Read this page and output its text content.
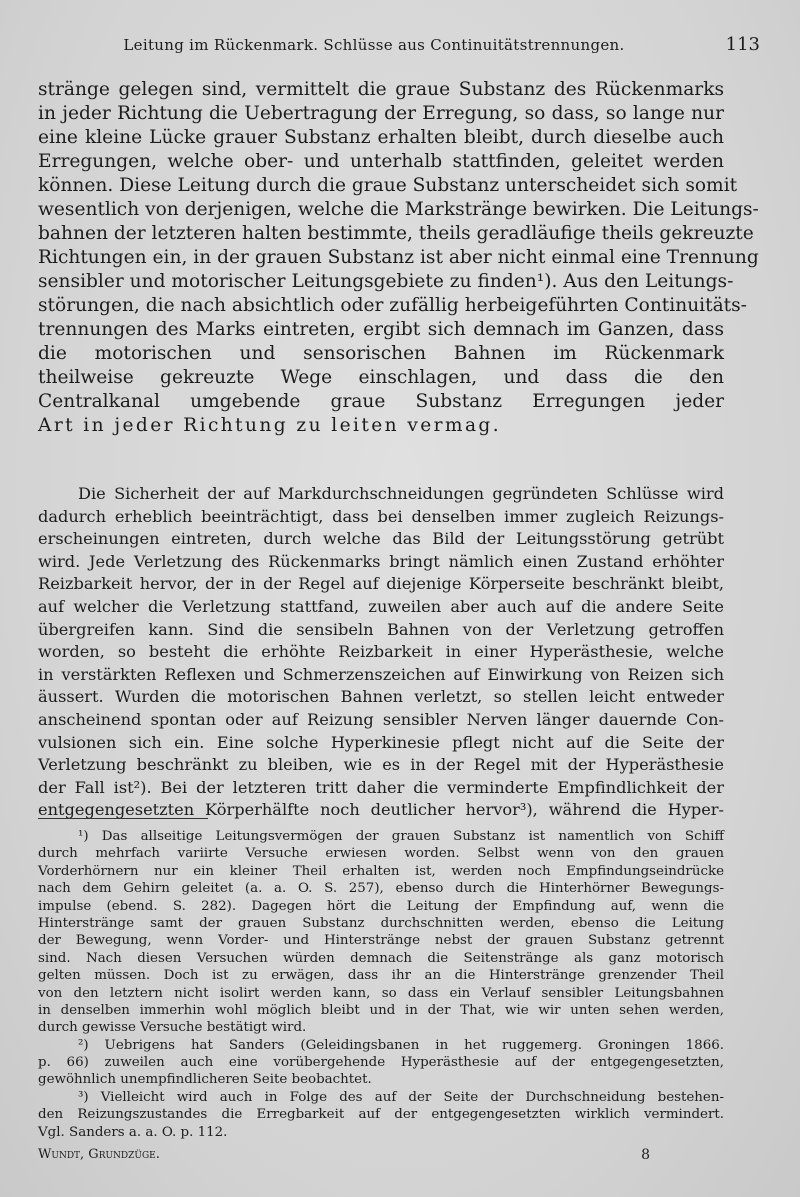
Leitung im Rückenmark. Schlüsse aus Continuitätstrennungen.	113
stränge gelegen sind, vermittelt die graue Substanz des Rückenmarks
in jeder Richtung die Uebertragung der Erregung, so dass, so lange nur
eine kleine Lücke grauer Substanz erhalten bleibt, durch dieselbe auch
Erregungen, welche ober- und unterhalb stattfinden, geleitet werden
können. Diese Leitung durch die graue Substanz unterscheidet sich somit
wesentlich von derjenigen, welche die Markstränge bewirken. Die Leitungs-
bahnen der letzteren halten bestimmte, theils geradläufige theils gekreuzte
Richtungen ein, in der grauen Substanz ist aber nicht einmal eine Trennung
sensibler und motorischer Leitungsgebiete zu finden¹). Aus den Leitungs-
störungen, die nach absichtlich oder zufällig herbeigeführten Continuitäts-
trennungen des Marks eintreten, ergibt sich demnach im Ganzen, dass
die motorischen und sensorischen Bahnen im Rückenmark
theilweise gekreuzte Wege einschlagen, und dass die den
Centralkanal umgebende graue Substanz Erregungen jeder
Art in jeder Richtung zu leiten vermag.
Die Sicherheit der auf Markdurchschneidungen gegründeten Schlüsse wird
dadurch erheblich beeinträchtigt, dass bei denselben immer zugleich Reizungs-
erscheinungen eintreten, durch welche das Bild der Leitungsstörung getrübt
wird. Jede Verletzung des Rückenmarks bringt nämlich einen Zustand erhöhter
Reizbarkeit hervor, der in der Regel auf diejenige Körperseite beschränkt bleibt,
auf welcher die Verletzung stattfand, zuweilen aber auch auf die andere Seite
übergreifen kann. Sind die sensibeln Bahnen von der Verletzung getroffen
worden, so besteht die erhöhte Reizbarkeit in einer Hyperästhesie, welche
in verstärkten Reflexen und Schmerzenszeichen auf Einwirkung von Reizen sich
äussert. Wurden die motorischen Bahnen verletzt, so stellen leicht entweder
anscheinend spontan oder auf Reizung sensibler Nerven länger dauernde Con-
vulsionen sich ein. Eine solche Hyperkinesie pflegt nicht auf die Seite der
Verletzung beschränkt zu bleiben, wie es in der Regel mit der Hyperästhesie
der Fall ist²). Bei der letzteren tritt daher die verminderte Empfindlichkeit der
entgegengesetzten Körperhälfte noch deutlicher hervor³), während die Hyper-
¹) Das allseitige Leitungsvermögen der grauen Substanz ist namentlich von Schiff
durch mehrfach variirte Versuche erwiesen worden. Selbst wenn von den grauen
Vorderhörnern nur ein kleiner Theil erhalten ist, werden noch Empfindungseindrücke
nach dem Gehirn geleitet (a. a. O. S. 257), ebenso durch die Hinterhörner Bewegungs-
impulse (ebend. S. 282). Dagegen hört die Leitung der Empfindung auf, wenn die
Hinterstränge samt der grauen Substanz durchschnitten werden, ebenso die Leitung
der Bewegung, wenn Vorder- und Hinterstränge nebst der grauen Substanz getrennt
sind. Nach diesen Versuchen würden demnach die Seitenstränge als ganz motorisch
gelten müssen. Doch ist zu erwägen, dass ihr an die Hinterstränge grenzender Theil
von den letztern nicht isolirt werden kann, so dass ein Verlauf sensibler Leitungsbahnen
in denselben immerhin wohl möglich bleibt und in der That, wie wir unten sehen werden,
durch gewisse Versuche bestätigt wird.
²) Uebrigens hat Sanders (Geleidingsbanen in het ruggemerg. Groningen 1866.
p. 66) zuweilen auch eine vorübergehende Hyperästhesie auf der entgegengesetzten,
gewöhnlich unempfindlicheren Seite beobachtet.
³) Vielleicht wird auch in Folge des auf der Seite der Durchschneidung bestehen-
den Reizungszustandes die Erregbarkeit auf der entgegengesetzten wirklich vermindert.
Vgl. Sanders a. a. O. p. 112.
Wundt, Grundzüge.	8
